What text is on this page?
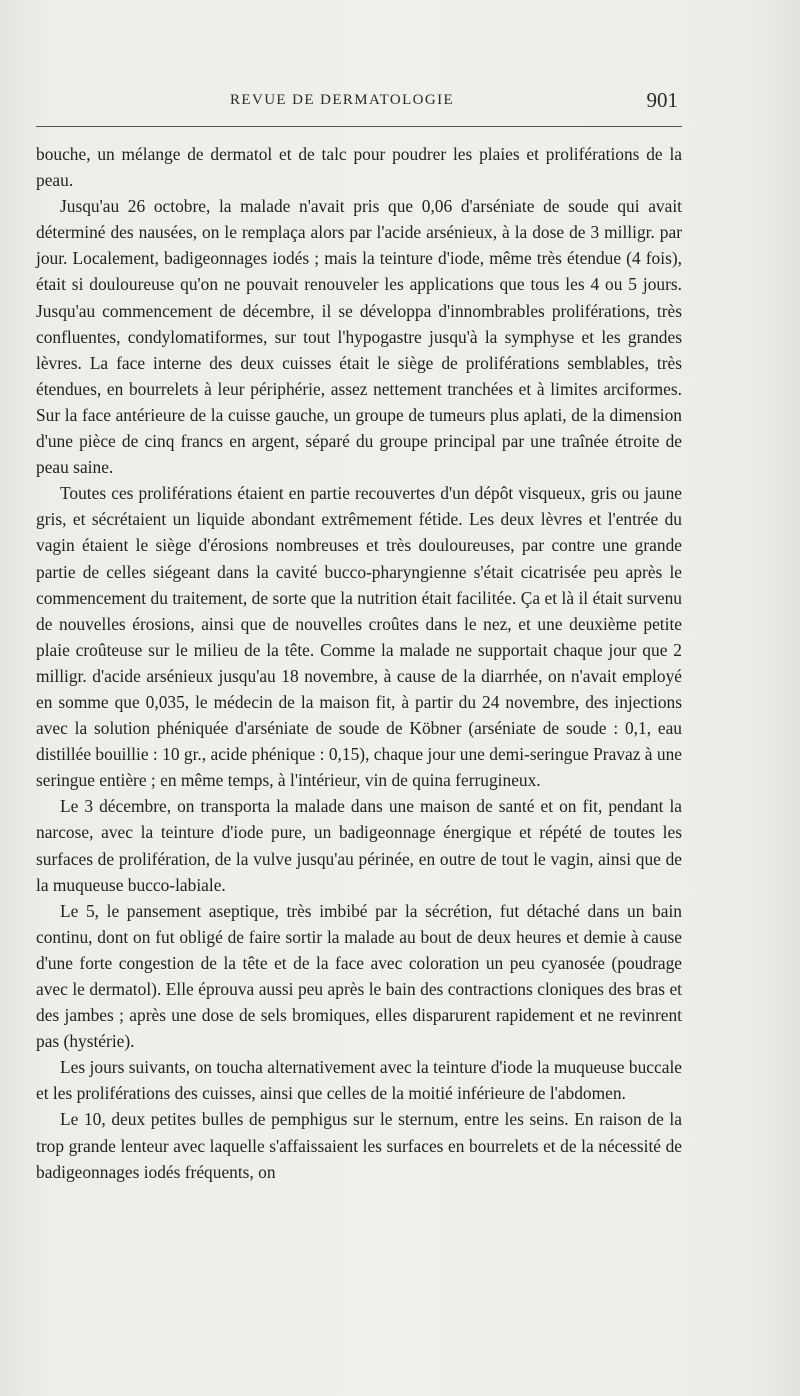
REVUE DE DERMATOLOGIE	901

bouche, un mélange de dermatol et de talc pour poudrer les plaies et proliférations de la peau.

Jusqu'au 26 octobre, la malade n'avait pris que 0,06 d'arséniate de soude qui avait déterminé des nausées, on le remplaça alors par l'acide arsénieux, à la dose de 3 milligr. par jour. Localement, badigeonnages iodés ; mais la teinture d'iode, même très étendue (4 fois), était si douloureuse qu'on ne pouvait renouveler les applications que tous les 4 ou 5 jours. Jusqu'au commencement de décembre, il se développa d'innombrables proliférations, très confluentes, condylomatiformes, sur tout l'hypogastre jusqu'à la symphyse et les grandes lèvres. La face interne des deux cuisses était le siège de proliférations semblables, très étendues, en bourrelets à leur périphérie, assez nettement tranchées et à limites arciformes. Sur la face antérieure de la cuisse gauche, un groupe de tumeurs plus aplati, de la dimension d'une pièce de cinq francs en argent, séparé du groupe principal par une traînée étroite de peau saine.

Toutes ces proliférations étaient en partie recouvertes d'un dépôt visqueux, gris ou jaune gris, et sécrétaient un liquide abondant extrêmement fétide. Les deux lèvres et l'entrée du vagin étaient le siège d'érosions nombreuses et très douloureuses, par contre une grande partie de celles siégeant dans la cavité bucco-pharyngienne s'était cicatrisée peu après le commencement du traitement, de sorte que la nutrition était facilitée. Ça et là il était survenu de nouvelles érosions, ainsi que de nouvelles croûtes dans le nez, et une deuxième petite plaie croûteuse sur le milieu de la tête. Comme la malade ne supportait chaque jour que 2 milligr. d'acide arsénieux jusqu'au 18 novembre, à cause de la diarrhée, on n'avait employé en somme que 0,035, le médecin de la maison fit, à partir du 24 novembre, des injections avec la solution phéniquée d'arséniate de soude de Köbner (arséniate de soude : 0,1, eau distillée bouillie : 10 gr., acide phénique : 0,15), chaque jour une demi-seringue Pravaz à une seringue entière ; en même temps, à l'intérieur, vin de quina ferrugineux.

Le 3 décembre, on transporta la malade dans une maison de santé et on fit, pendant la narcose, avec la teinture d'iode pure, un badigeonnage énergique et répété de toutes les surfaces de prolifération, de la vulve jusqu'au périnée, en outre de tout le vagin, ainsi que de la muqueuse bucco-labiale.

Le 5, le pansement aseptique, très imbibé par la sécrétion, fut détaché dans un bain continu, dont on fut obligé de faire sortir la malade au bout de deux heures et demie à cause d'une forte congestion de la tête et de la face avec coloration un peu cyanosée (poudrage avec le dermatol). Elle éprouva aussi peu après le bain des contractions cloniques des bras et des jambes ; après une dose de sels bromiques, elles disparurent rapidement et ne revinrent pas (hystérie).

Les jours suivants, on toucha alternativement avec la teinture d'iode la muqueuse buccale et les proliférations des cuisses, ainsi que celles de la moitié inférieure de l'abdomen.

Le 10, deux petites bulles de pemphigus sur le sternum, entre les seins. En raison de la trop grande lenteur avec laquelle s'affaissaient les surfaces en bourrelets et de la nécessité de badigeonnages iodés fréquents, on
